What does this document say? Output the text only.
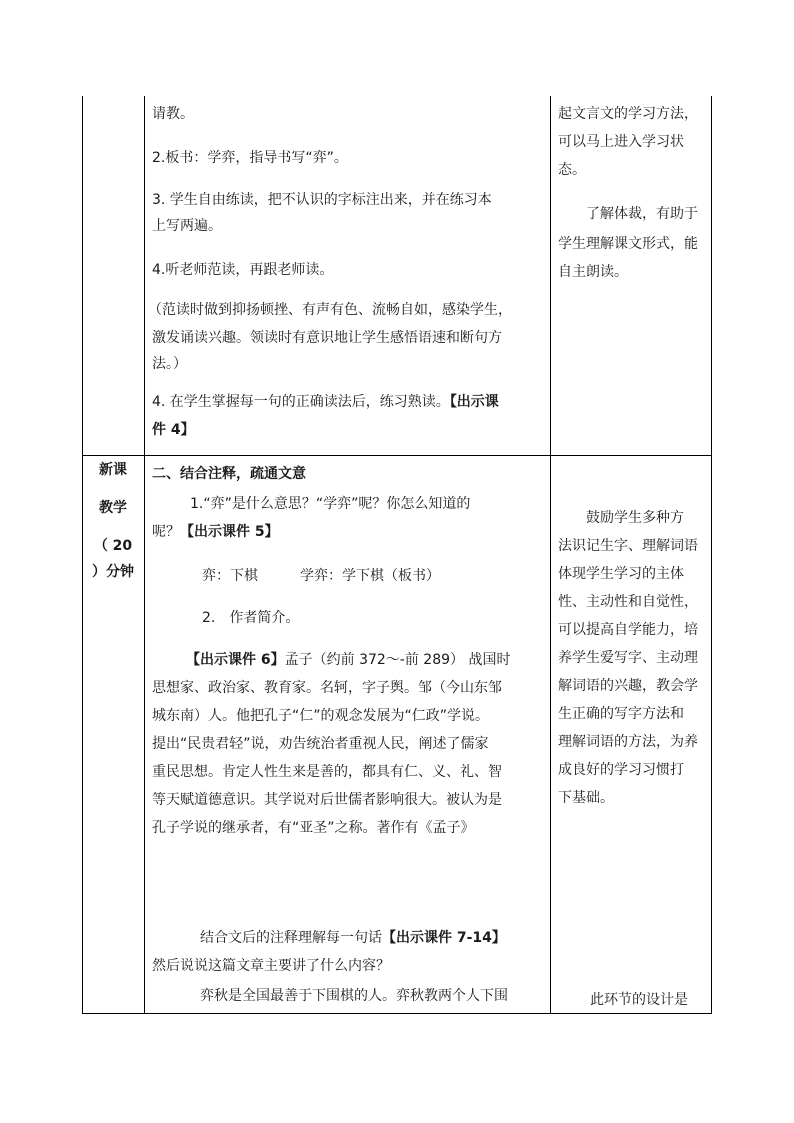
请教。
2.板书：学弈，指导书写“弈”。
3. 学生自由练读，把不认识的字标注出来，并在练习本
上写两遍。
4.听老师范读，再跟老师读。
（范读时做到抑扬顿挫、有声有色、流畅自如，感染学生，
激发诵读兴趣。领读时有意识地让学生感悟语速和断句方
法。）
4. 在学生掌握每一句的正确读法后，练习熟读。【出示课
件 4】
起文言文的学习方法，
可以马上进入学习状
态。
了解体裁，有助于
学生理解课文形式，能
自主朗读。
新课
教学
（ 20
）分钟
二、结合注释，疏通文意
1.“弈”是什么意思？“学弈”呢？你怎么知道的
呢？【出示课件 5】
弈：下棋　　　学弈：学下棋（板书）
2.　作者简介。
【出示课件 6】孟子（约前 372～-前 289） 战国时
思想家、政治家、教育家。名轲，字子舆。邹（今山东邹
城东南）人。他把孔子“仁”的观念发展为“仁政”学说。
提出“民贵君轻”说，劝告统治者重视人民，阐述了儒家
重民思想。肯定人性生来是善的，都具有仁、义、礼、智
等天赋道德意识。其学说对后世儒者影响很大。被认为是
孔子学说的继承者，有“亚圣”之称。著作有《孟子》
结合文后的注释理解每一句话【出示课件 7-14】
然后说说这篇文章主要讲了什么内容？
弈秋是全国最善于下围棋的人。弈秋教两个人下围
鼓励学生多种方
法识记生字、理解词语
体现学生学习的主体
性、主动性和自觉性，
可以提高自学能力，培
养学生爱写字、主动理
解词语的兴趣，教会学
生正确的写字方法和
理解词语的方法，为养
成良好的学习习惯打
下基础。
此环节的设计是
